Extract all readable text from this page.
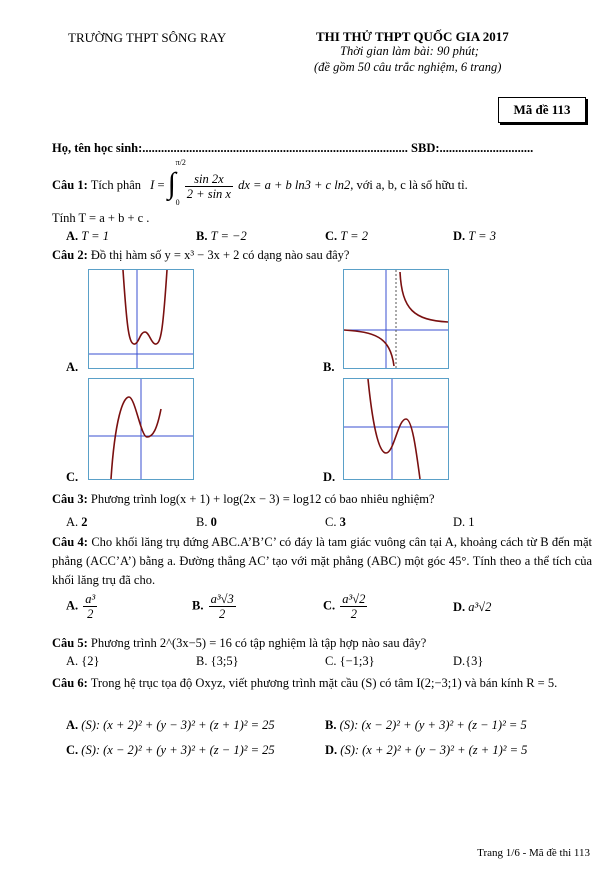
TRƯỜNG THPT SÔNG RAY	THI THỬ THPT QUỐC GIA 2017
Thời gian làm bài: 90 phút;
(đề gồm 50 câu trắc nghiệm, 6 trang)
Mã đề 113
Họ, tên học sinh:..................................................................................... SBD:..............................
Câu 1: Tích phân I = ∫
π/2
0

$\frac{\sin 2x}{\text{2 + sin x}}$ dx = a + b ln3 + c ln2, với a, b, c là số hữu tỉ.
Tính T = a + b + c .
A. T = 1	B. T = −2	C. T = 2	D. T = 3
Câu 2: Đồ thị hàm số y = x³ − 3x + 2 có dạng nào sau đây?
A.	B.
C.	D.
Câu 3: Phương trình log(x + 1) + log(2x − 3) = log12 có bao nhiêu nghiệm?
A. 2	B. 0	C. 3	D. 1
Câu 4: Cho khối lăng trụ đứng ABC.A’B’C’ có đáy là tam giác vuông cân tại A, khoảng cách từ B đến mặt phẳng (ACC’A’) bằng a. Đường thẳng AC’ tạo với mặt phẳng (ABC) một góc 45°. Tính theo a thể tích của khối lăng trụ đã cho.
A. $\frac{\text{a³}}{2}$	B. $\frac{\text{a³√3}}{2}$	C. $\frac{\text{a³√2}}{2}$	D. a³√2
Câu 5: Phương trình 2^(3x−5) = 16 có tập nghiệm là tập hợp nào sau đây?
A. {2}	B. {3;5}	C. {−1;3}	D.{3}
Câu 6: Trong hệ trục tọa độ Oxyz, viết phương trình mặt cầu (S) có tâm I(2;−3;1) và bán kính R = 5.
A. (S): (x + 2)² + (y − 3)² + (z + 1)² = 25	B. (S): (x − 2)² + (y + 3)² + (z − 1)² = 5
C. (S): (x − 2)² + (y + 3)² + (z − 1)² = 25	D. (S): (x + 2)² + (y − 3)² + (z + 1)² = 5
Trang 1/6 - Mã đề thi 113
